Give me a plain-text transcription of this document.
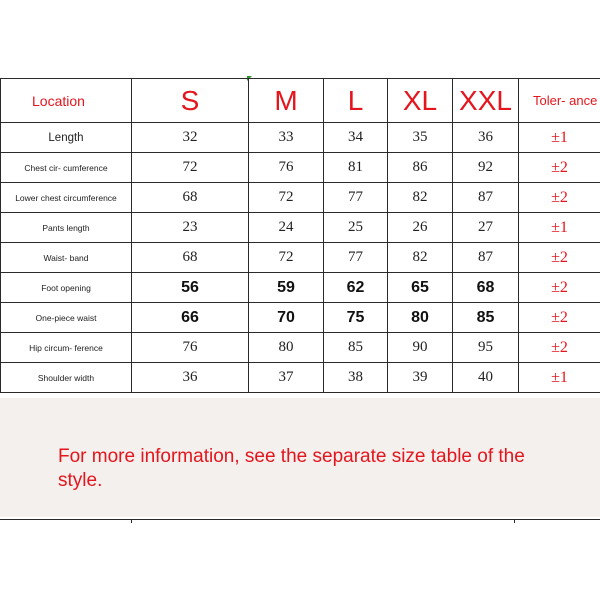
Location	S	M	L	XL	XXL	Toler- ance
Length	32	33	34	35	36	±1
Chest cir- cumference	72	76	81	86	92	±2
Lower chest circumference	68	72	77	82	87	±2
Pants length	23	24	25	26	27	±1
Waist- band	68	72	77	82	87	±2
Foot opening	56	59	62	65	68	±2
One-piece waist	66	70	75	80	85	±2
Hip circum- ference	76	80	85	90	95	±2
Shoulder width	36	37	38	39	40	±1
For more information, see the separate size table of the style.
